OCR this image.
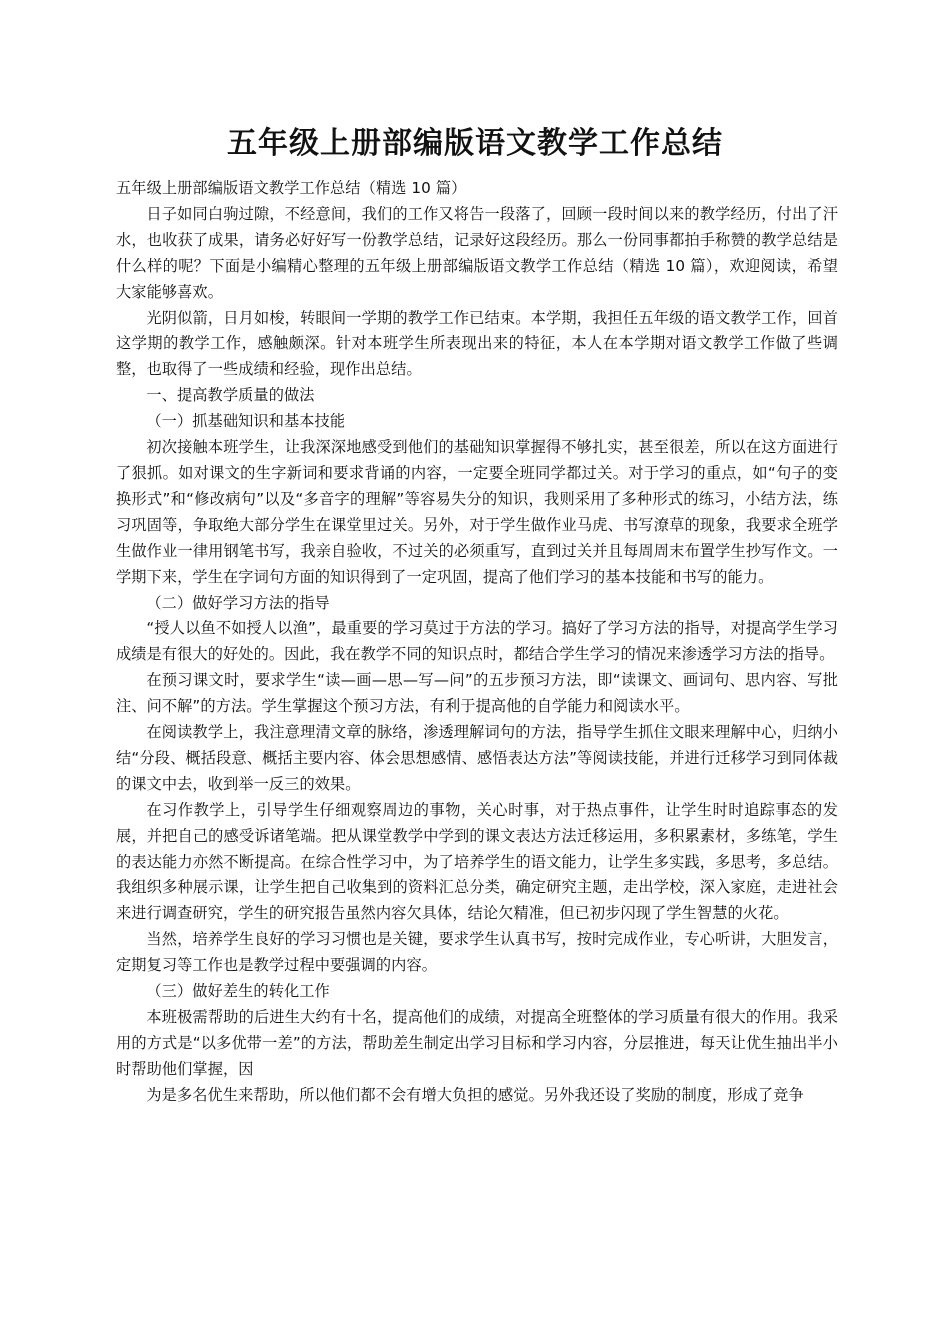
五年级上册部编版语文教学工作总结

五年级上册部编版语文教学工作总结（精选 10 篇）

日子如同白驹过隙，不经意间，我们的工作又将告一段落了，回顾一段时间以来的教学经历，付出了汗水，也收获了成果，请务必好好写一份教学总结，记录好这段经历。那么一份同事都拍手称赞的教学总结是什么样的呢？下面是小编精心整理的五年级上册部编版语文教学工作总结（精选 10 篇），欢迎阅读，希望大家能够喜欢。

光阴似箭，日月如梭，转眼间一学期的教学工作已结束。本学期，我担任五年级的语文教学工作，回首这学期的教学工作，感触颇深。针对本班学生所表现出来的特征，本人在本学期对语文教学工作做了些调整，也取得了一些成绩和经验，现作出总结。

一、提高教学质量的做法

（一）抓基础知识和基本技能

初次接触本班学生，让我深深地感受到他们的基础知识掌握得不够扎实，甚至很差，所以在这方面进行了狠抓。如对课文的生字新词和要求背诵的内容，一定要全班同学都过关。对于学习的重点，如“句子的变换形式”和“修改病句”以及“多音字的理解”等容易失分的知识，我则采用了多种形式的练习，小结方法，练习巩固等，争取绝大部分学生在课堂里过关。另外，对于学生做作业马虎、书写潦草的现象，我要求全班学生做作业一律用钢笔书写，我亲自验收，不过关的必须重写，直到过关并且每周周末布置学生抄写作文。一学期下来，学生在字词句方面的知识得到了一定巩固，提高了他们学习的基本技能和书写的能力。

（二）做好学习方法的指导

“授人以鱼不如授人以渔”，最重要的学习莫过于方法的学习。搞好了学习方法的指导，对提高学生学习成绩是有很大的好处的。因此，我在教学不同的知识点时，都结合学生学习的情况来渗透学习方法的指导。

在预习课文时，要求学生“读—画—思—写—问”的五步预习方法，即“读课文、画词句、思内容、写批注、问不解”的方法。学生掌握这个预习方法，有利于提高他的自学能力和阅读水平。

在阅读教学上，我注意理清文章的脉络，渗透理解词句的方法，指导学生抓住文眼来理解中心，归纳小结“分段、概括段意、概括主要内容、体会思想感情、感悟表达方法”等阅读技能，并进行迁移学习到同体裁的课文中去，收到举一反三的效果。

在习作教学上，引导学生仔细观察周边的事物，关心时事，对于热点事件，让学生时时追踪事态的发展，并把自己的感受诉诸笔端。把从课堂教学中学到的课文表达方法迁移运用，多积累素材，多练笔，学生的表达能力亦然不断提高。在综合性学习中，为了培养学生的语文能力，让学生多实践，多思考，多总结。我组织多种展示课，让学生把自己收集到的资料汇总分类，确定研究主题，走出学校，深入家庭，走进社会来进行调查研究，学生的研究报告虽然内容欠具体，结论欠精准，但已初步闪现了学生智慧的火花。

当然，培养学生良好的学习习惯也是关键，要求学生认真书写，按时完成作业，专心听讲，大胆发言，定期复习等工作也是教学过程中要强调的内容。

（三）做好差生的转化工作

本班极需帮助的后进生大约有十名，提高他们的成绩，对提高全班整体的学习质量有很大的作用。我采用的方式是“以多优带一差”的方法，帮助差生制定出学习目标和学习内容，分层推进，每天让优生抽出半小时帮助他们掌握，因

为是多名优生来帮助，所以他们都不会有增大负担的感觉。另外我还设了奖励的制度，形成了竞争
